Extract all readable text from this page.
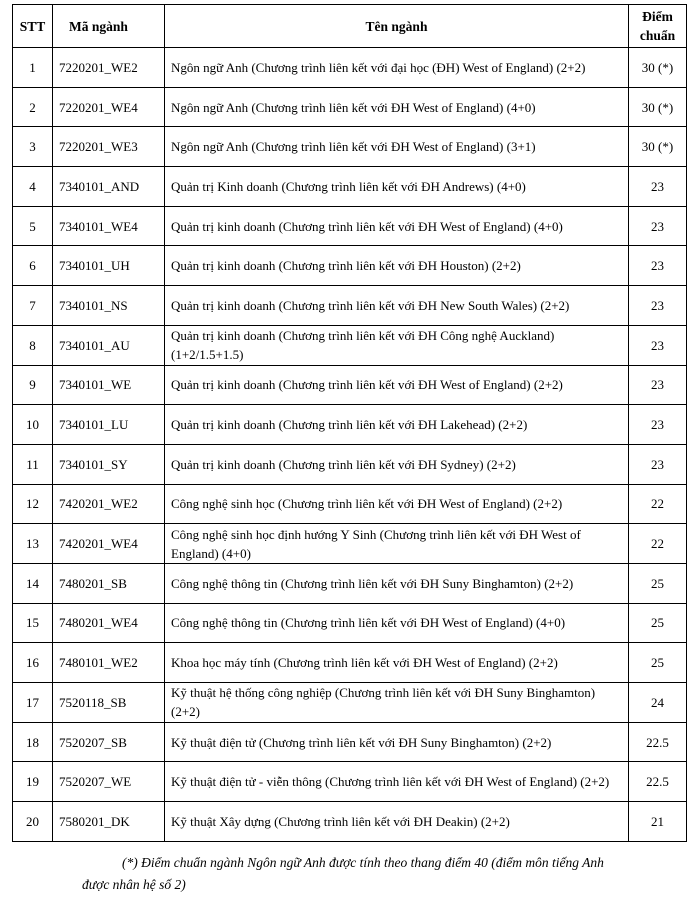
STT	Mã ngành	Tên ngành	Điểm chuẩn
1	7220201_WE2	Ngôn ngữ Anh (Chương trình liên kết với đại học (ĐH) West of England) (2+2)	30 (*)
2	7220201_WE4	Ngôn ngữ Anh (Chương trình liên kết với ĐH West of England) (4+0)	30 (*)
3	7220201_WE3	Ngôn ngữ Anh (Chương trình liên kết với ĐH West of England) (3+1)	30 (*)
4	7340101_AND	Quản trị Kinh doanh (Chương trình liên kết với ĐH Andrews) (4+0)	23
5	7340101_WE4	Quản trị kinh doanh (Chương trình liên kết với ĐH West of England) (4+0)	23
6	7340101_UH	Quản trị kinh doanh (Chương trình liên kết với ĐH Houston) (2+2)	23
7	7340101_NS	Quản trị kinh doanh (Chương trình liên kết với ĐH New South Wales) (2+2)	23
8	7340101_AU	Quản trị kinh doanh (Chương trình liên kết với ĐH Công nghệ Auckland) (1+2/1.5+1.5)	23
9	7340101_WE	Quản trị kinh doanh (Chương trình liên kết với ĐH West of England) (2+2)	23
10	7340101_LU	Quản trị kinh doanh (Chương trình liên kết với ĐH Lakehead) (2+2)	23
11	7340101_SY	Quản trị kinh doanh (Chương trình liên kết với ĐH Sydney) (2+2)	23
12	7420201_WE2	Công nghệ sinh học (Chương trình liên kết với ĐH West of England) (2+2)	22
13	7420201_WE4	Công nghệ sinh học định hướng Y Sinh (Chương trình liên kết với ĐH West of England) (4+0)	22
14	7480201_SB	Công nghệ thông tin (Chương trình liên kết với ĐH Suny Binghamton) (2+2)	25
15	7480201_WE4	Công nghệ thông tin (Chương trình liên kết với ĐH West of England) (4+0)	25
16	7480101_WE2	Khoa học máy tính (Chương trình liên kết với ĐH West of England) (2+2)	25
17	7520118_SB	Kỹ thuật hệ thống công nghiệp (Chương trình liên kết với ĐH Suny Binghamton) (2+2)	24
18	7520207_SB	Kỹ thuật điện tử (Chương trình liên kết với ĐH Suny Binghamton) (2+2)	22.5
19	7520207_WE	Kỹ thuật điện tử - viễn thông (Chương trình liên kết với ĐH West of England) (2+2)	22.5
20	7580201_DK	Kỹ thuật Xây dựng (Chương trình liên kết với ĐH Deakin) (2+2)	21
(*) Điểm chuẩn ngành Ngôn ngữ Anh được tính theo thang điểm 40 (điểm môn tiếng Anh
được nhân hệ số 2)
